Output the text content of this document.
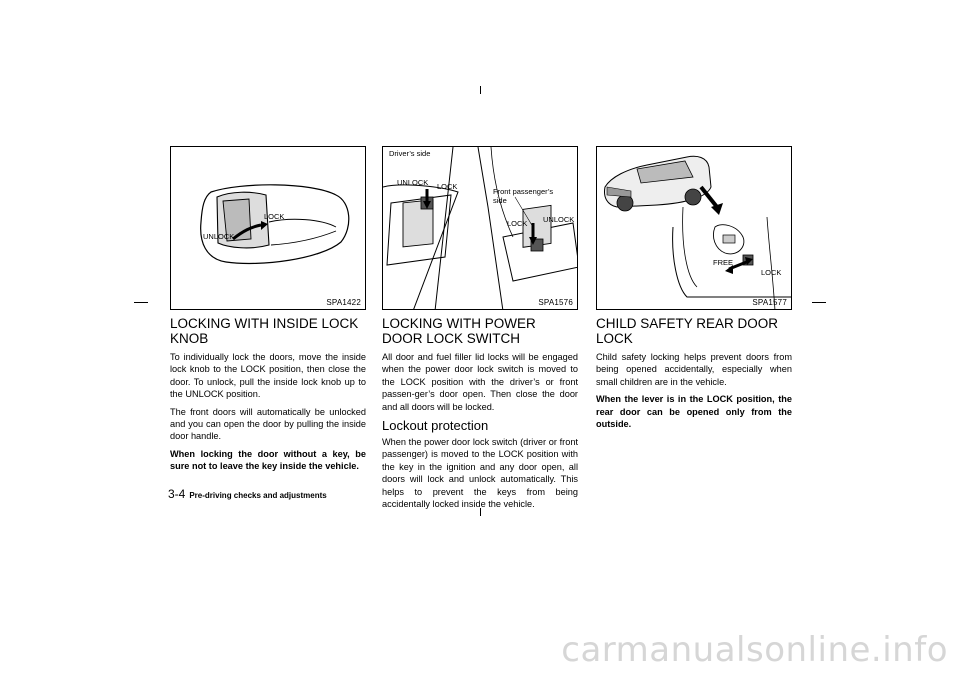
LOCK
UNLOCK
SPA1422
Driver’s side
UNLOCK LOCK
Front passenger’s
side
LOCK UNLOCK
SPA1576
FREE
LOCK
SPA1577
LOCKING WITH INSIDE LOCK KNOB

To individually lock the doors, move the inside lock knob to the LOCK position, then close the door. To unlock, pull the inside lock knob up to the UNLOCK position.

The front doors will automatically be unlocked and you can open the door by pulling the inside door handle.

When locking the door without a key, be sure not to leave the key inside the vehicle.

LOCKING WITH POWER DOOR LOCK SWITCH

All door and fuel filler lid locks will be engaged when the power door lock switch is moved to the LOCK position with the driver’s or front passen-ger’s door open. Then close the door and all doors will be locked.

Lockout protection

When the power door lock switch (driver or front passenger) is moved to the LOCK position with the key in the ignition and any door open, all doors will lock and unlock automatically. This helps to prevent the keys from being accidentally locked inside the vehicle.

CHILD SAFETY REAR DOOR LOCK

Child safety locking helps prevent doors from being opened accidentally, especially when small children are in the vehicle.

When the lever is in the LOCK position, the rear door can be opened only from the outside.

3-4 Pre-driving checks and adjustments
carmanualsonline.info
